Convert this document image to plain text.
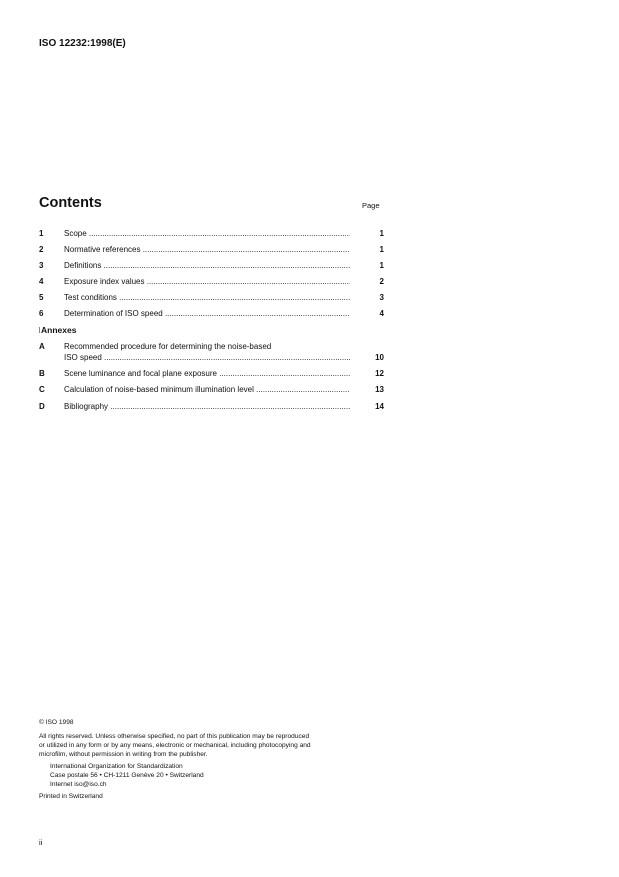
ISO 12232:1998(E)
Contents	Page
1	Scope .....	1
2	Normative references .....	1
3	Definitions .....	1
4	Exposure index values .....	2
5	Test conditions .....	3
6	Determination of ISO speed .....	4
Annexes
A Recommended procedure for determining the noise-based
ISO speed .....	10
B Scene luminance and focal plane exposure .....	12
C Calculation of noise-based minimum illumination level .....	13
D Bibliography .....	14
© ISO 1998
All rights reserved. Unless otherwise specified, no part of this publication may be reproduced
or utilized in any form or by any means, electronic or mechanical, including photocopying and
microfilm, without permission in writing from the publisher.
International Organization for Standardization
Case postale 56 • CH-1211 Genève 20 • Switzerland
Internet iso@iso.ch
Printed in Switzerland
ii
